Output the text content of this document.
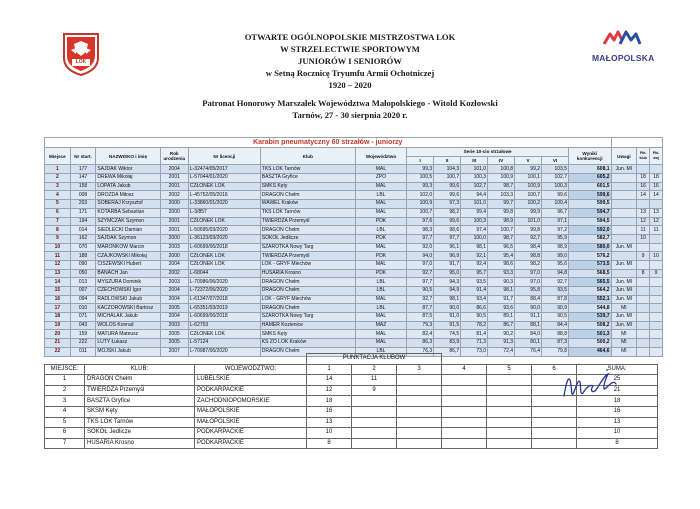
LOK
OTWARTE OGÓLNOPOLSKIE MISTRZOSTWA LOK
W STRZELECTWIE SPORTOWYM
JUNIORÓW I SENIORÓW
w Setną Rocznicę Tryumfu Armii Ochotniczej
1920 – 2020
Patronat Honorowy Marszałek Województwa Małopolskiego - Witold Kozłowski
Tarnów, 27 - 30 sierpnia 2020 r.
MAŁOPOLSKA
Karabin pneumatyczny 60 strzałów - juniorzy																
Miejsce	Nr start.	NAZWISKO i imię	Rok urodzenia	Nr licencji	Klub	Województwo	Serie 10-cio strzałowe						Wyniki konkurencji	Uwagi	Pkt. klub	Pkt. woj
							I	II	III	IV	V	VI				
1	177	SAJDAK Wiktor	2004	L-32474/05/2017	TKS LOK Tarnów	MAL	99,3	104,3	101,0	100,8	99,2	103,5	608,1	Jun. MI		
2	147	DREWA Mikołaj	2001	L-57044/01/2020	BASZTA Gryfice	ZPO	100,5	100,7	100,3	100,9	100,1	102,7	605,2		18	18
3	158	LOPATA Jakub	2001	CZŁONEK LOK	SMKS Kęty	MAL	99,3	99,6	102,7	98,7	100,9	100,3	601,5		16	16
4	008	DROZDA Miłosz	2002	L-45752/05/2016	DRAGON Chełm	LBL	102,0	99,6	94,4	103,3	100,7	99,6	599,6		14	14
5	203	SOBERAJ Krzysztof	2000	L-33860/01/2020	WAWEL Kraków	MAL	100,9	97,3	101,0	99,7	100,2	100,4	599,5			
6	171	KOTARBA Sebastian	2000	L-3/857	TKS LOK Tarnów	MAL	100,7	98,2	99,4	99,8	99,9	96,7	594,7		13	13
7	194	SZYMCZAK Szymon	2001	CZŁONEK LOK	TWIERDZA Przemyśl	PDK	97,6	99,6	100,3	98,9	101,0	97,1	594,5		12	12
8	014	SIEDLECKI Damian	2001	L-50695/03/2020	DRAGON Chełm	LBL	98,3	98,6	97,4	100,7	99,8	97,2	592,0		11	11
9	162	SAJDAK Szymon	2000	L-36123/03/2020	SOKÓŁ Jedlicze	PDK	97,7	97,7	100,0	98,7	92,7	95,9	582,7		10	
10	070	MARONKÓW Marcin	2003	L-60699/06/2018	SZAROTKA Nowy Targ	MAL	92,0	96,1	98,1	96,5	98,4	98,9	580,0	Jun. MI		
11	188	CZAJKOWSKI Mikołaj	2000	CZŁONEK LOK	TWIERDZA Przemyśl	PDK	94,0	96,9	92,1	95,4	98,8	99,0	576,2		9	10
12	090	CISZEWSKI Hubert	2004	CZŁONEK LOK	LOK - GRYF Miechów	MAL	97,0	91,7	92,4	98,6	98,2	95,6	573,5	Jun. MI		
13	050	BANACH Jan	2002	L-68044	HUSARIA Krosno	PDK	92,7	95,0	95,7	93,3	97,0	94,8	568,5		8	9
14	013	MYSZURA Dominik	2003	L-70986/06/2020	DRAGON Chełm	LBL	97,7	94,3	93,5	90,3	97,0	92,7	565,5	Jun. MI		
15	007	CZECHOWSKI Igor	2004	L-72372/06/2020	DRAGON Chełm	LBL	90,5	94,9	91,4	98,1	95,8	93,5	564,2	Jun. MI		
16	094	RADLOWSKI Jakub	2004	L-61347/07/2018	LOK - GRYF Miechów	MAL	92,7	98,1	93,4	91,7	88,4	87,8	552,1	Jun. MI		
17	010	KACZOROWSKI Bartosz	2005	L-65351/03/2019	DRAGON Chełm	LBL	87,7	90,0	86,6	93,6	90,0	90,9	544,8	MI		
18	071	MICHALAK Jakub	2004	L-60699/06/2018	SZAROTKA Nowy Targ	MAL	87,5	91,0	90,5	89,1	91,1	90,5	539,7	Jun. MI		
19	043	WOLOS Konrad	2003	L-62703	HAMER Kozienice	MAZ	79,3	91,5	78,2	86,7	88,1	84,4	508,2	Jun. MI		
20	159	MATURA Mateusz	2005	CZŁONEK LOK	SMKS Kęty	MAL	82,4	74,5	81,4	90,2	84,0	88,8	501,3	MI		
21	222	LUTY Łukasz	2005	L-57124	KS ZO LOK Kraków	MAL	86,3	83,9	71,3	91,3	80,1	87,3	500,2	MI		
22	011	MOJSKI Jakub	2007	L-70987/06/2020	DRAGON Chełm	LBL	76,3	86,7	73,0	72,4	76,4	79,8	464,6	MI		
			PUNKTACJA KLUBÓW						
MIEJSCE:	KLUB:	WOJEWÓDZTWO:	1	2	3	4	5	6	SUMA:
1	DRAGON Chełm	LUBELSKIE	14	11					25
2	TWIERDZA Przemyśl	PODKARPACKIE	12	9					21
3	BASZTA Gryfice	ZACHODNIOPOMORSKIE	18						18
4	SKSM Kęty	MAŁOPOLSKIE	16						16
5	TKS LOK Tarnów	MAŁOPOLSKIE	13						13
6	SOKÓŁ Jedlicze	PODKARPACKIE	10						10
7	HUSARIA Krosno	PODKARPACKIE	8						8
